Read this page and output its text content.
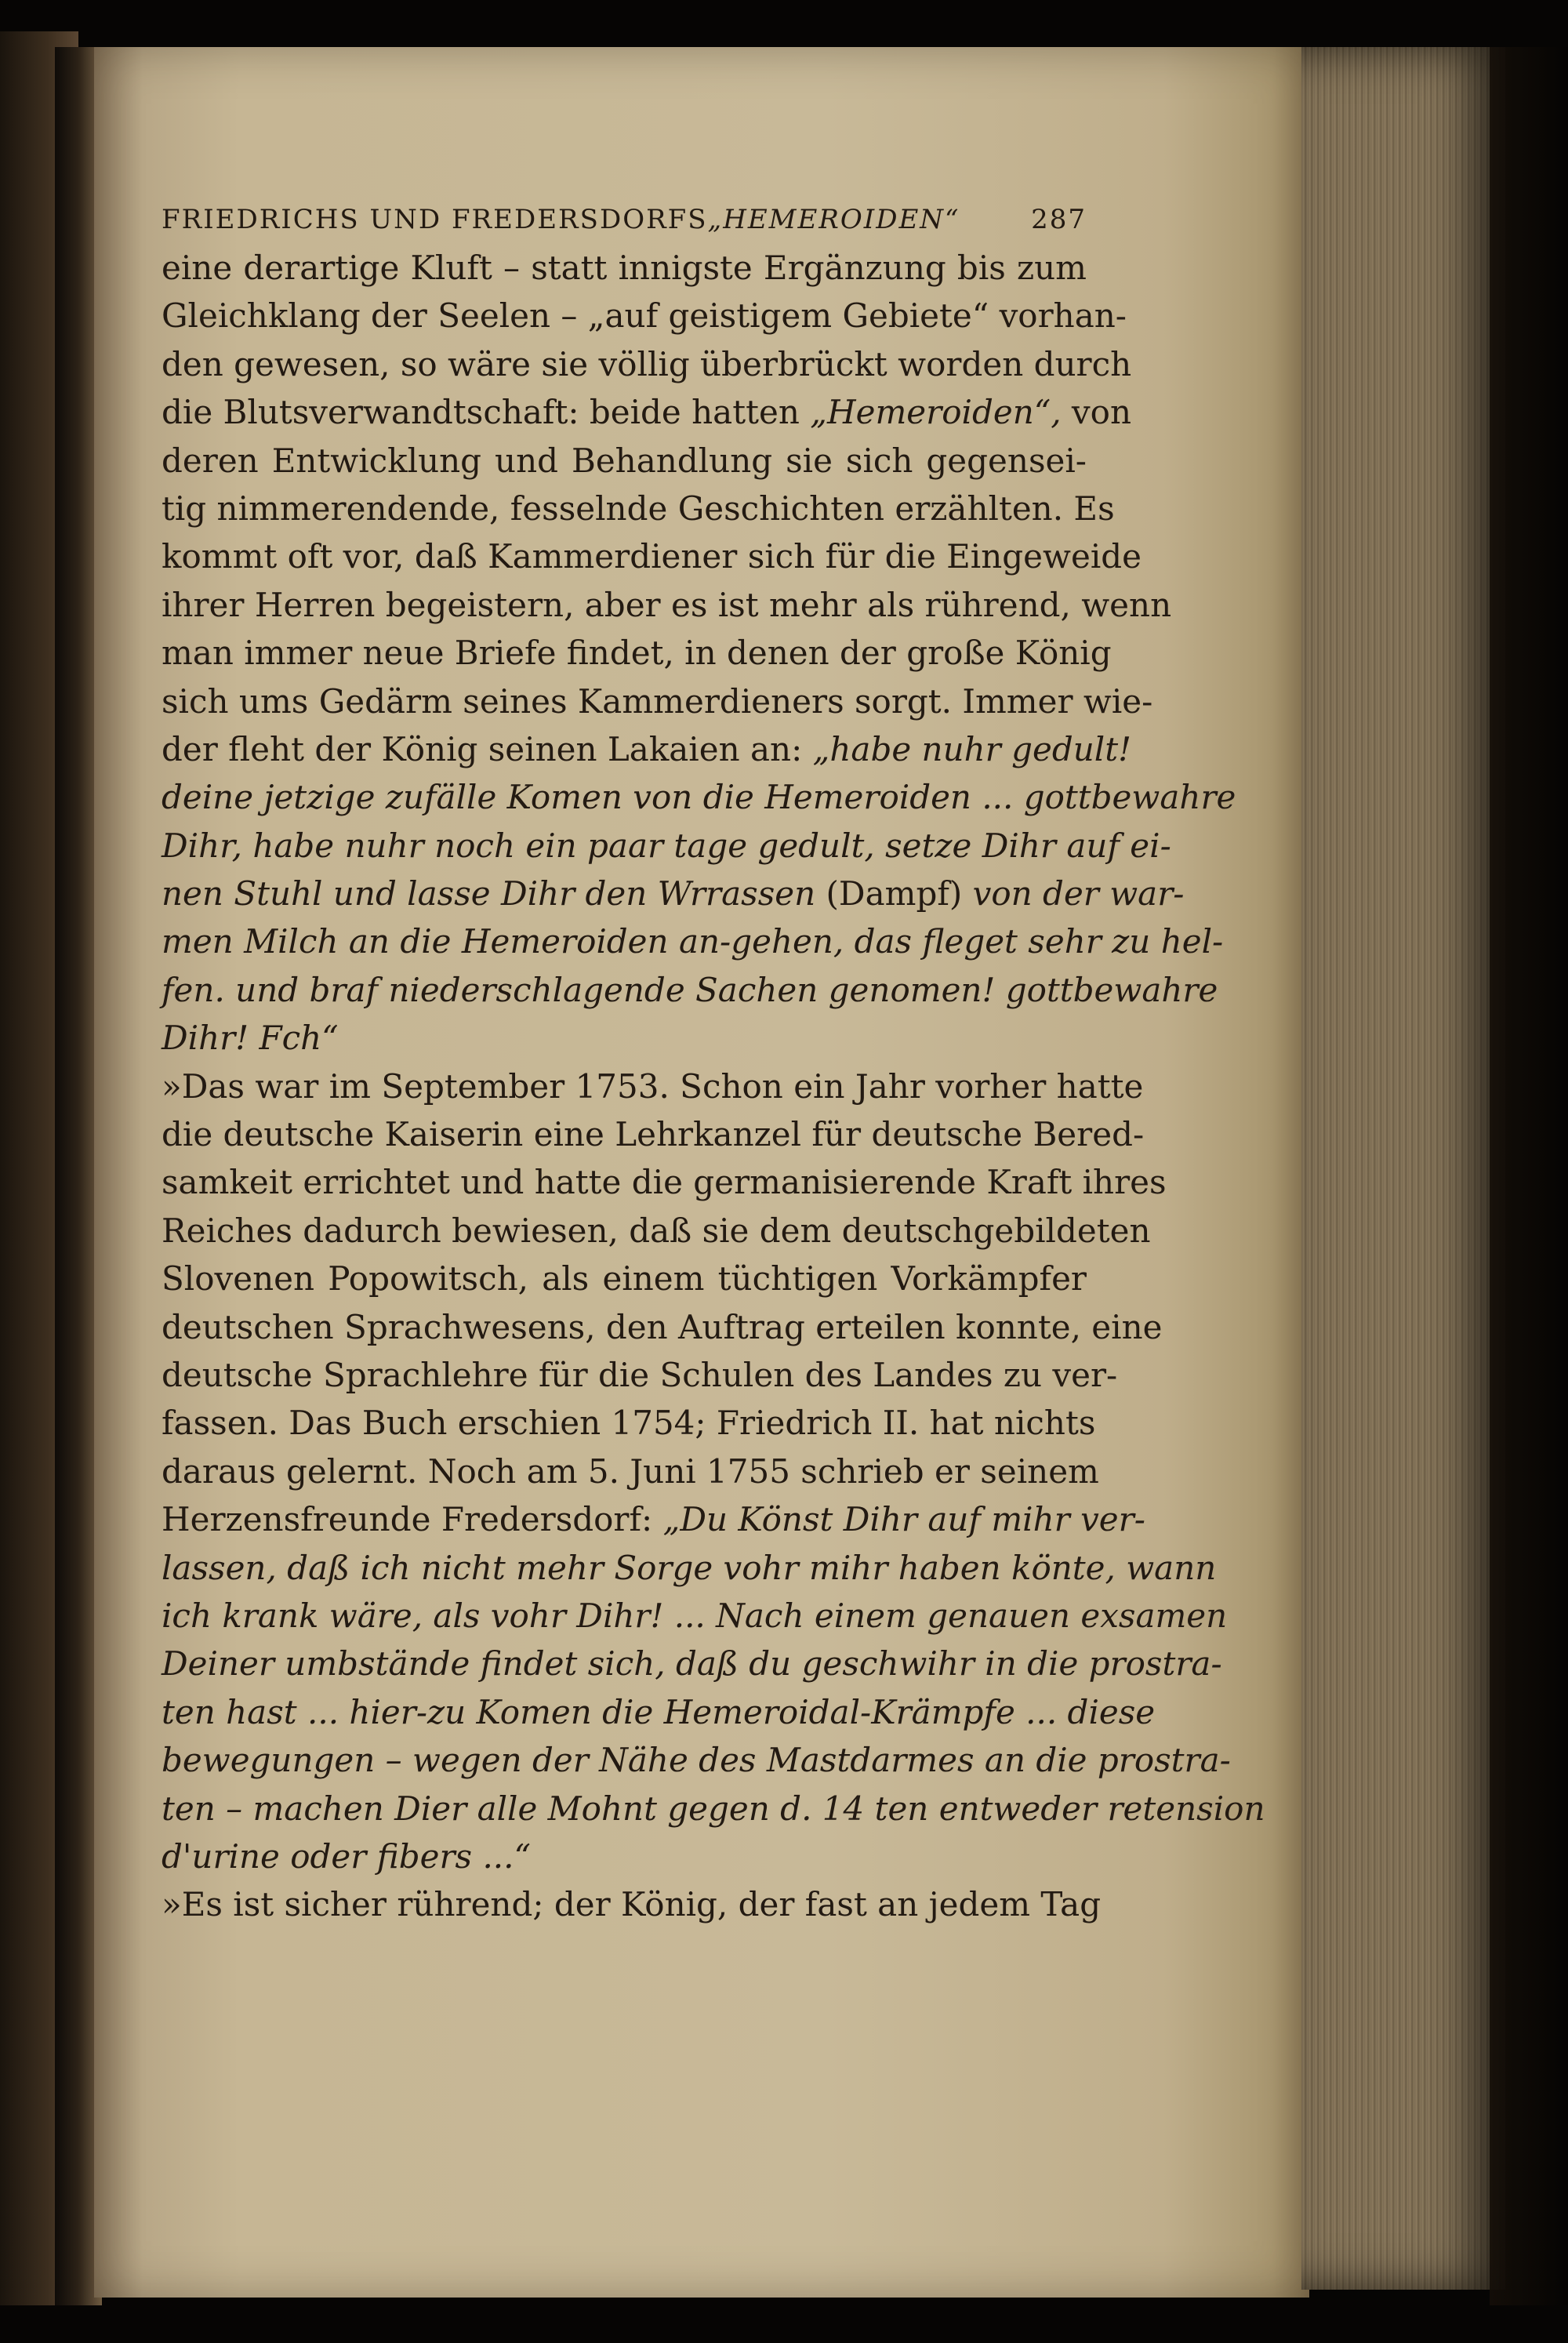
FRIEDRICHS UND FREDERSDORFS„HEMEROIDEN“	287
eine derartige Kluft – statt innigste Ergänzung bis zum
Gleichklang der Seelen – „auf geistigem Gebiete“ vorhan-
den gewesen, so wäre sie völlig überbrückt worden durch
die Blutsverwandtschaft: beide hatten „Hemeroiden“, von
deren Entwicklung und Behandlung sie sich gegensei-
tig nimmerendende, fesselnde Geschichten erzählten. Es
kommt oft vor, daß Kammerdiener sich für die Eingeweide
ihrer Herren begeistern, aber es ist mehr als rührend, wenn
man immer neue Briefe findet, in denen der große König
sich ums Gedärm seines Kammerdieners sorgt. Immer wie-
der fleht der König seinen Lakaien an: „habe nuhr gedult!
deine jetzige zufälle Komen von die Hemeroiden ... gottbewahre
Dihr, habe nuhr noch ein paar tage gedult, setze Dihr auf ei-
nen Stuhl und lasse Dihr den Wrrassen (Dampf) von der war-
men Milch an die Hemeroiden an-gehen, das fleget sehr zu hel-
fen. und braf niederschlagende Sachen genomen! gottbewahre
Dihr! Fch“
»Das war im September 1753. Schon ein Jahr vorher hatte
die deutsche Kaiserin eine Lehrkanzel für deutsche Bered-
samkeit errichtet und hatte die germanisierende Kraft ihres
Reiches dadurch bewiesen, daß sie dem deutschgebildeten
Slovenen Popowitsch, als einem tüchtigen Vorkämpfer
deutschen Sprachwesens, den Auftrag erteilen konnte, eine
deutsche Sprachlehre für die Schulen des Landes zu ver-
fassen. Das Buch erschien 1754; Friedrich II. hat nichts
daraus gelernt. Noch am 5. Juni 1755 schrieb er seinem
Herzensfreunde Fredersdorf: „Du Könst Dihr auf mihr ver-
lassen, daß ich nicht mehr Sorge vohr mihr haben könte, wann
ich krank wäre, als vohr Dihr! ... Nach einem genauen exsamen
Deiner umbstände findet sich, daß du geschwihr in die prostra-
ten hast ... hier-zu Komen die Hemeroidal-Krämpfe ... diese
bewegungen – wegen der Nähe des Mastdarmes an die prostra-
ten – machen Dier alle Mohnt gegen d. 14 ten entweder retension
d'urine oder fibers ...“
»Es ist sicher rührend; der König, der fast an jedem Tag
